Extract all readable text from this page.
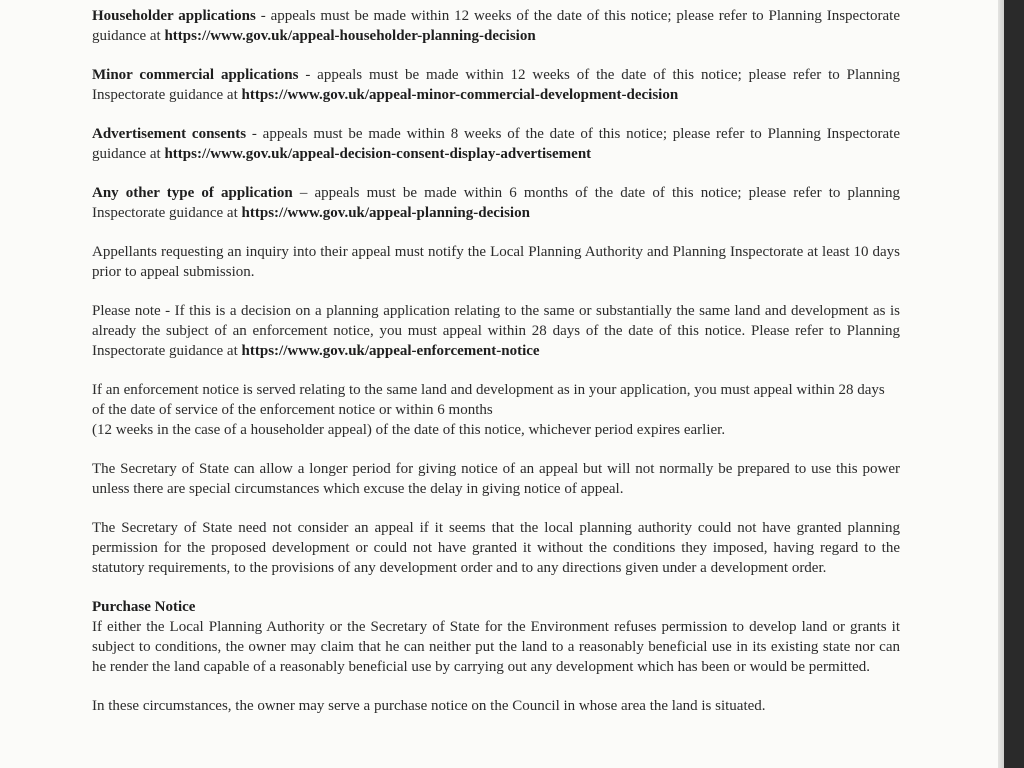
Householder applications - appeals must be made within 12 weeks of the date of this notice; please refer to Planning Inspectorate guidance at https://www.gov.uk/appeal-householder-planning-decision

Minor commercial applications - appeals must be made within 12 weeks of the date of this notice; please refer to Planning Inspectorate guidance at https://www.gov.uk/appeal-minor-commercial-development-decision

Advertisement consents - appeals must be made within 8 weeks of the date of this notice; please refer to Planning Inspectorate guidance at https://www.gov.uk/appeal-decision-consent-display-advertisement

Any other type of application – appeals must be made within 6 months of the date of this notice; please refer to planning Inspectorate guidance at https://www.gov.uk/appeal-planning-decision

Appellants requesting an inquiry into their appeal must notify the Local Planning Authority and Planning Inspectorate at least 10 days prior to appeal submission.

Please note - If this is a decision on a planning application relating to the same or substantially the same land and development as is already the subject of an enforcement notice, you must appeal within 28 days of the date of this notice. Please refer to Planning Inspectorate guidance at https://www.gov.uk/appeal-enforcement-notice

If an enforcement notice is served relating to the same land and development as in your application, you must appeal within 28 days of the date of service of the enforcement notice or within 6 months
(12 weeks in the case of a householder appeal) of the date of this notice, whichever period expires earlier.

The Secretary of State can allow a longer period for giving notice of an appeal but will not normally be prepared to use this power unless there are special circumstances which excuse the delay in giving notice of appeal.

The Secretary of State need not consider an appeal if it seems that the local planning authority could not have granted planning permission for the proposed development or could not have granted it without the conditions they imposed, having regard to the statutory requirements, to the provisions of any development order and to any directions given under a development order.

Purchase Notice

If either the Local Planning Authority or the Secretary of State for the Environment refuses permission to develop land or grants it subject to conditions, the owner may claim that he can neither put the land to a reasonably beneficial use in its existing state nor can he render the land capable of a reasonably beneficial use by carrying out any development which has been or would be permitted.

In these circumstances, the owner may serve a purchase notice on the Council in whose area the land is situated.
